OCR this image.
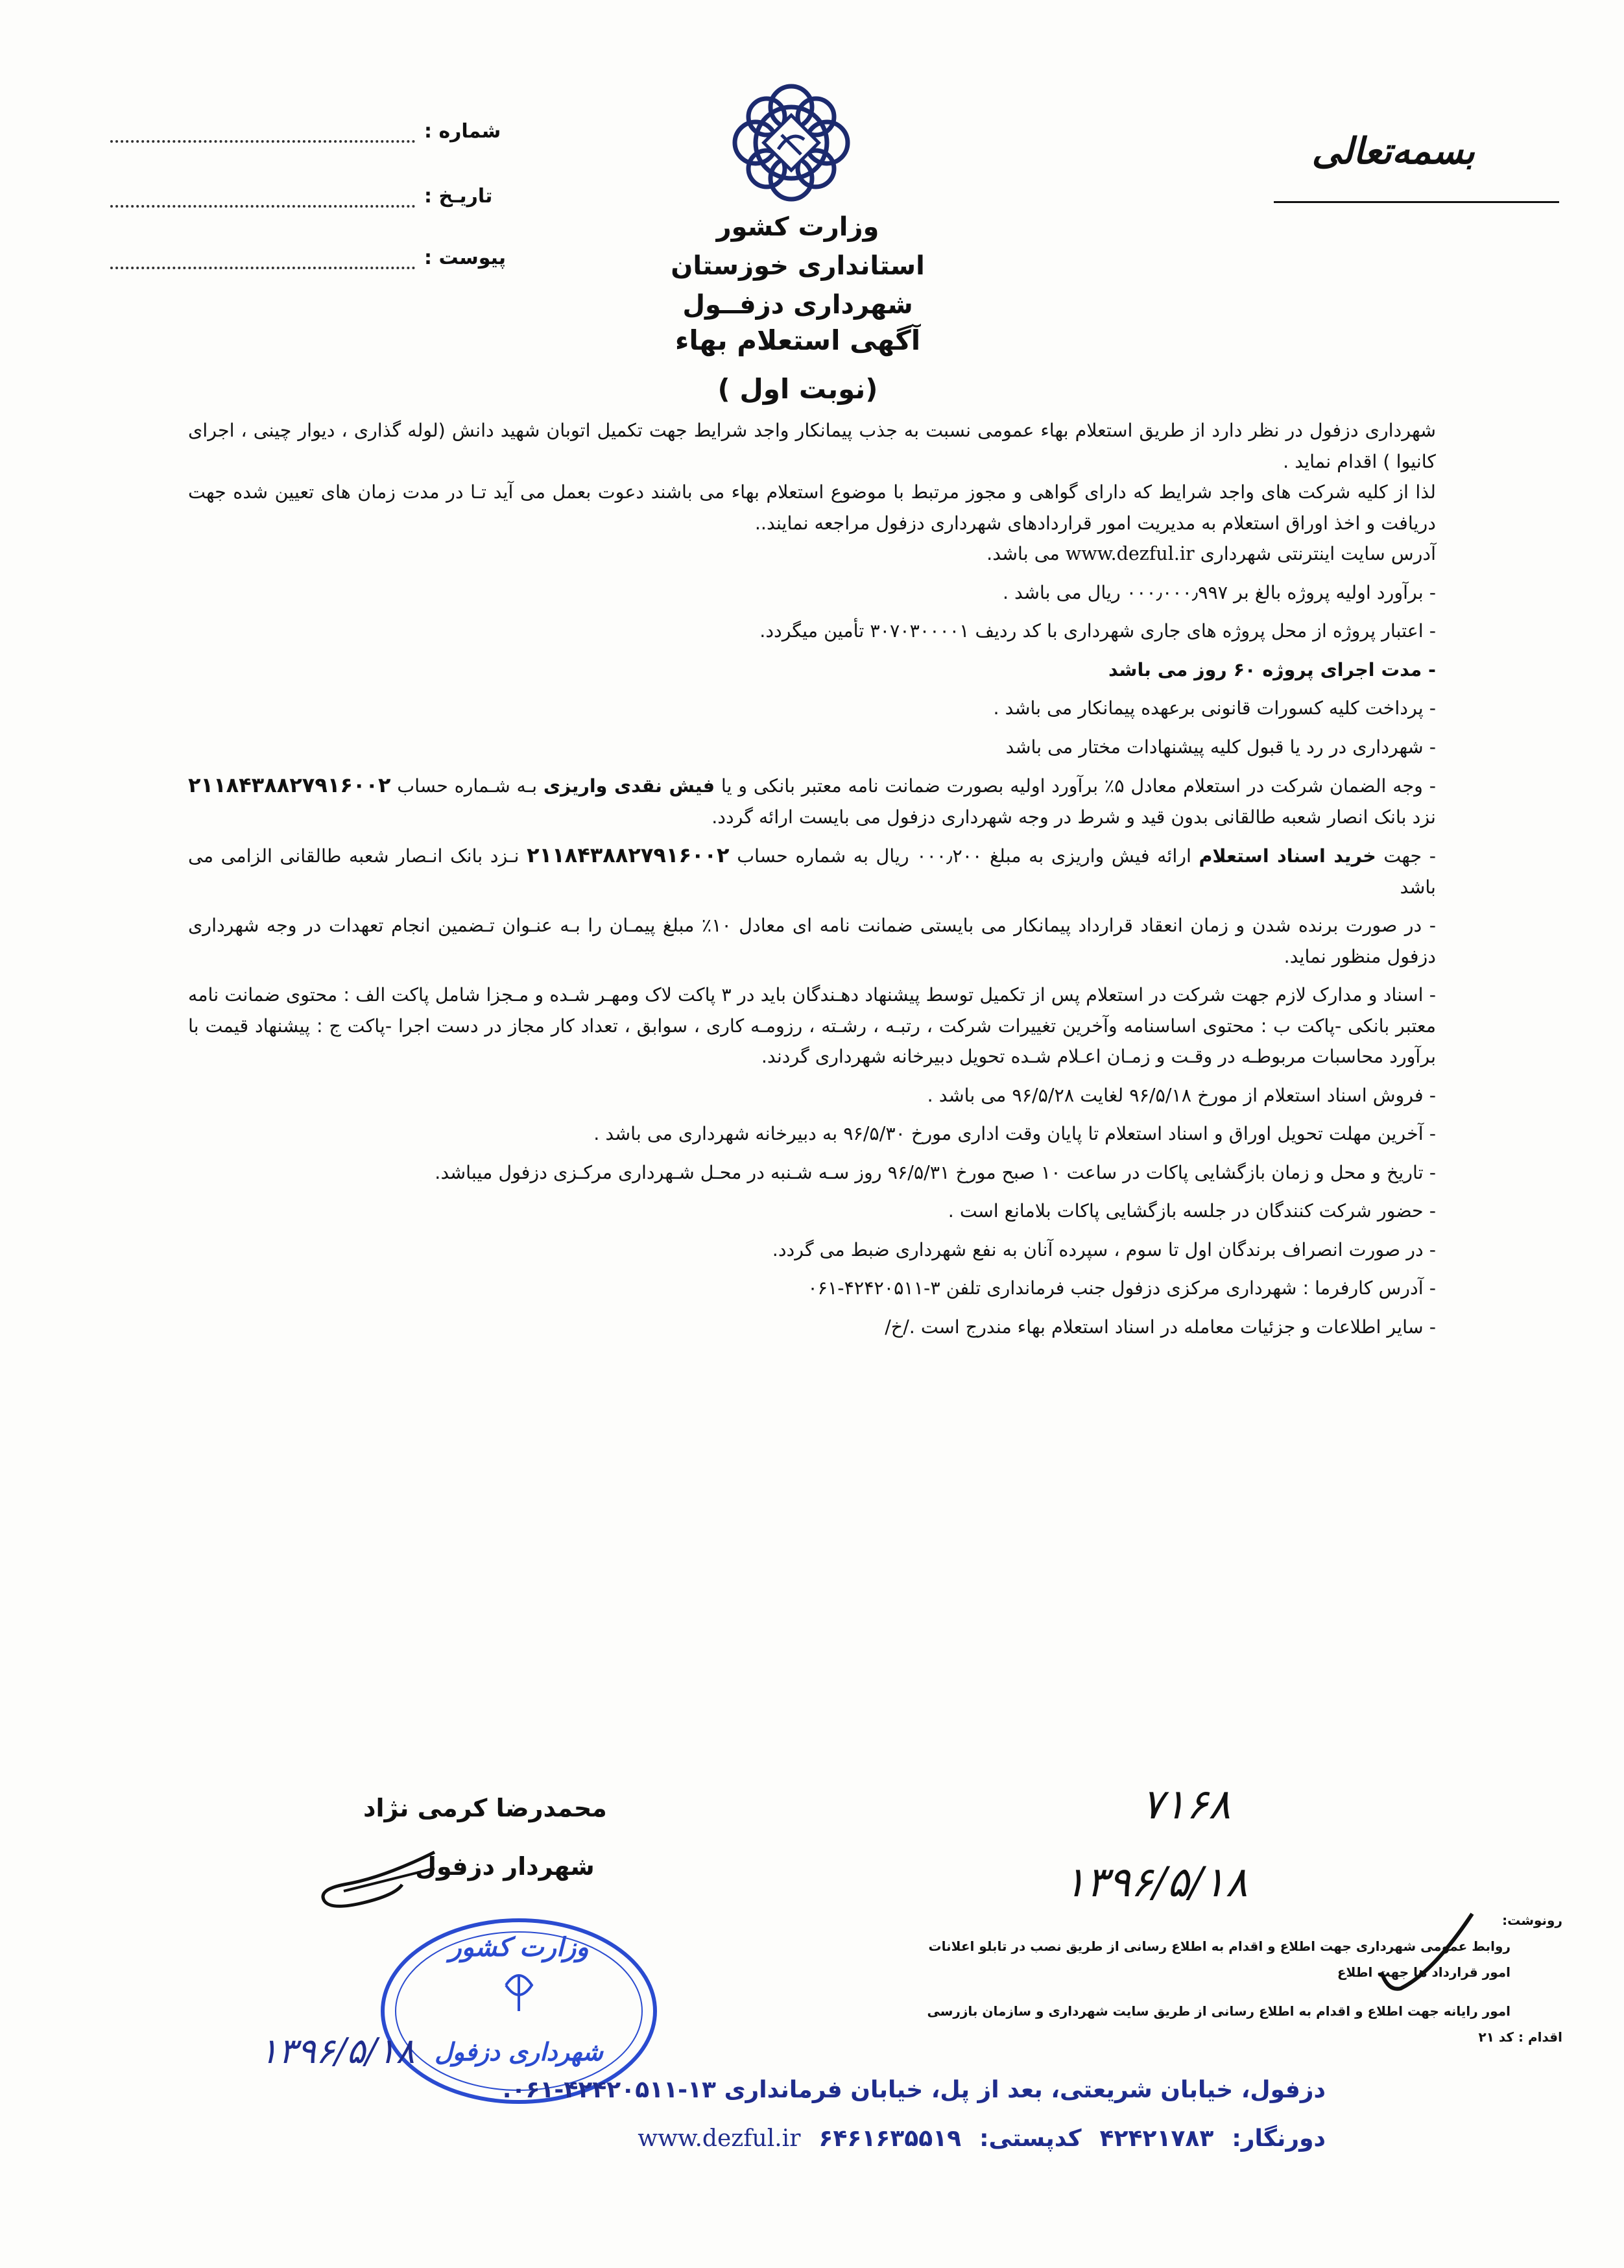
بسمه‌تعالی
شماره :
تاریـخ :
پیوست :
وزارت کشور
استانداری خوزستان
شهرداری دزفــول
آگهی استعلام بهاء
(نوبت اول )

شهرداری دزفول در نظر دارد از طریق استعلام بهاء عمومی نسبت به جذب پیمانکار واجد شرایط جهت تکمیل اتوبان شهید دانش (لوله گذاری ، دیوار چینی ، اجرای کانیوا ) اقدام نماید .

لذا از کلیه شرکت های واجد شرایط که دارای گواهی و مجوز مرتبط با موضوع استعلام بهاء می باشند دعوت بعمل می آید تـا در مدت زمان های تعیین شده جهت دریافت و اخذ اوراق استعلام به مدیریت امور قراردادهای شهرداری دزفول مراجعه نمایند..

آدرس سایت اینترنتی شهرداری www.dezful.ir می باشد.

- برآورد اولیه پروژه بالغ بر ۰۰۰٫۰۰۰٫۹۹۷ ریال می باشد .

- اعتبار پروژه از محل پروژه های جاری شهرداری با کد ردیف ۳۰۷۰۳۰۰۰۰۱ تأمین میگردد.

- مدت اجرای پروژه ۶۰ روز می باشد

- پرداخت کلیه کسورات قانونی برعهده پیمانکار می باشد .

- شهرداری در رد یا قبول کلیه پیشنهادات مختار می باشد

- وجه الضمان شرکت در استعلام معادل ۵٪ برآورد اولیه بصورت ضمانت نامه معتبر بانکی و یا فیش نقدی واریزی بـه شـماره حساب ۲۱۱۸۴۳۸۸۲۷۹۱۶۰۰۲ نزد بانک انصار شعبه طالقانی بدون قید و شرط در وجه شهرداری دزفول می بایست ارائه گردد.

- جهت خرید اسناد استعلام ارائه فیش واریزی به مبلغ ۰۰۰٫۲۰۰ ریال به شماره حساب ۲۱۱۸۴۳۸۸۲۷۹۱۶۰۰۲ نـزد بانک انـصار شعبه طالقانی الزامی می باشد

- در صورت برنده شدن و زمان انعقاد قرارداد پیمانکار می بایستی ضمانت نامه ای معادل ۱۰٪ مبلغ پیمـان را بـه عنـوان تـضمین انجام تعهدات در وجه شهرداری دزفول منظور نماید.

- اسناد و مدارک لازم جهت شرکت در استعلام پس از تکمیل توسط پیشنهاد دهـندگان باید در ۳ پاکت لاک ومهـر شـده و مـجزا شامل پاکت الف : محتوی ضمانت نامه معتبر بانکی -پاکت ب : محتوی اساسنامه وآخرین تغییرات شرکت ، رتبـه ، رشـته ، رزومـه کاری ، سوابق ، تعداد کار مجاز در دست اجرا -پاکت ج : پیشنهاد قیمت با برآورد محاسبات مربوطـه در وقـت و زمـان اعـلام شـده تحویل دبیرخانه شهرداری گردند.

- فروش اسناد استعلام از مورخ ۹۶/۵/۱۸ لغایت ۹۶/۵/۲۸ می باشد .

- آخرین مهلت تحویل اوراق و اسناد استعلام تا پایان وقت اداری مورخ ۹۶/۵/۳۰ به دبیرخانه شهرداری می باشد .

- تاریخ و محل و زمان بازگشایی پاکات در ساعت ۱۰ صبح مورخ ۹۶/۵/۳۱ روز سـه شـنبه در محـل شـهرداری مرکـزی دزفول میباشد.

- حضور شرکت کنندگان در جلسه بازگشایی پاکات بلامانع است .

- در صورت انصراف برندگان اول تا سوم ، سپرده آنان به نفع شهرداری ضبط می گردد.

- آدرس کارفرما : شهرداری مرکزی دزفول جنب فرمانداری تلفن ۳-۴۲۴۲۰۵۱۱-۰۶۱

- سایر اطلاعات و جزئیات معامله در اسناد استعلام بهاء مندرج است ./خ/

محمدرضا کرمی نژاد
شهردار دزفول
۷۱۶۸
۱۳۹۶/۵/۱۸
رونوشت:
روابط عمومی شهرداری جهت اطلاع و اقدام به اطلاع رسانی از طریق نصب در تابلو اعلانات
امور قرارداد ها جهت اطلاع
امور رایانه جهت اطلاع و اقدام به اطلاع رسانی از طریق سایت شهرداری و سازمان بازرسی
اقدام : کد ۲۱
وزارت کشور
شهرداری دزفول
۱۳۹۶/۵/۱۸
دزفول، خیابان شریعتی، بعد از پل، خیابان فرمانداری ۱۳-۴۲۴۲۰۵۱۱-۰۶۱.
دورنگار:
۴۲۴۲۱۷۸۳
کدپستی:
۶۴۶۱۶۳۵۵۱۹
www.dezful.ir
